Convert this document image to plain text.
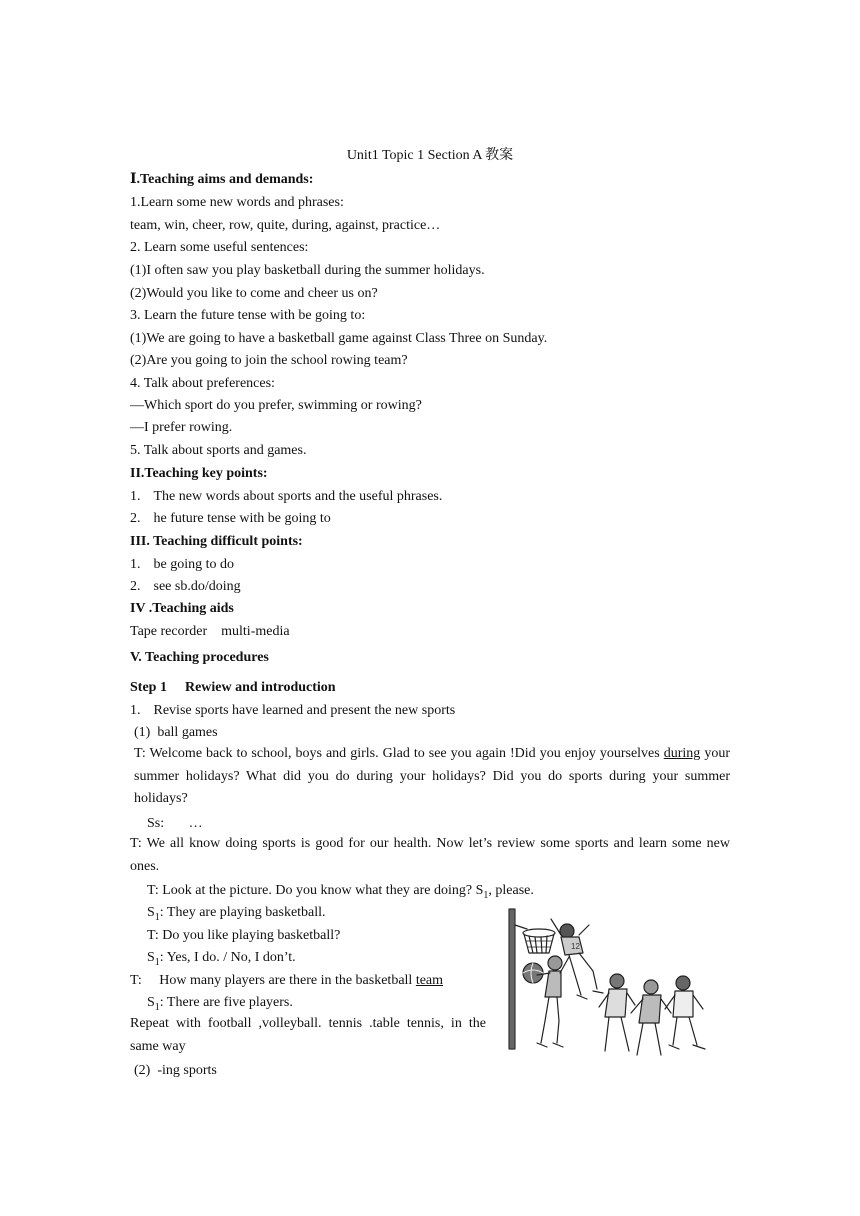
Unit1 Topic 1 Section A 教案
Ⅰ.Teaching aims and demands:
1.Learn some new words and phrases:
team, win, cheer, row, quite, during, against, practice…
2. Learn some useful sentences:
(1)I often saw you play basketball during the summer holidays.
(2)Would you like to come and cheer us on?
3. Learn the future tense with be going to:
(1)We are going to have a basketball game against Class Three on Sunday.
(2)Are you going to join the school rowing team?
4. Talk about preferences:
—Which sport do you prefer, swimming or rowing?
—I prefer rowing.
5. Talk about sports and games.
II.Teaching key points:
1. The new words about sports and the useful phrases.
2. he future tense with be going to
III. Teaching difficult points:
1. be going to do
2. see sb.do/doing
IV .Teaching aids
Tape recorder    multi-media
V. Teaching procedures
Step 1 Rewiew and introduction
1. Revise sports have learned and present the new sports
(1)  ball games
T: Welcome back to school, boys and girls. Glad to see you again !Did you enjoy yourselves during your summer holidays? What did you do during your holidays? Did you do sports during your summer holidays?
Ss:       …
T: We all know doing sports is good for our health. Now let’s review some sports and learn some new ones.
T: Look at the picture. Do you know what they are doing? $S_1$, please.
$S_1$: They are playing basketball.
T: Do you like playing basketball?
$S_1$: Yes, I do. / No, I don’t.
T:     How many players are there in the basketball team
$S_1$: There are five players.
Repeat with football ,volleyball. tennis .table tennis, in the same way
(2)  -ing sports
12
